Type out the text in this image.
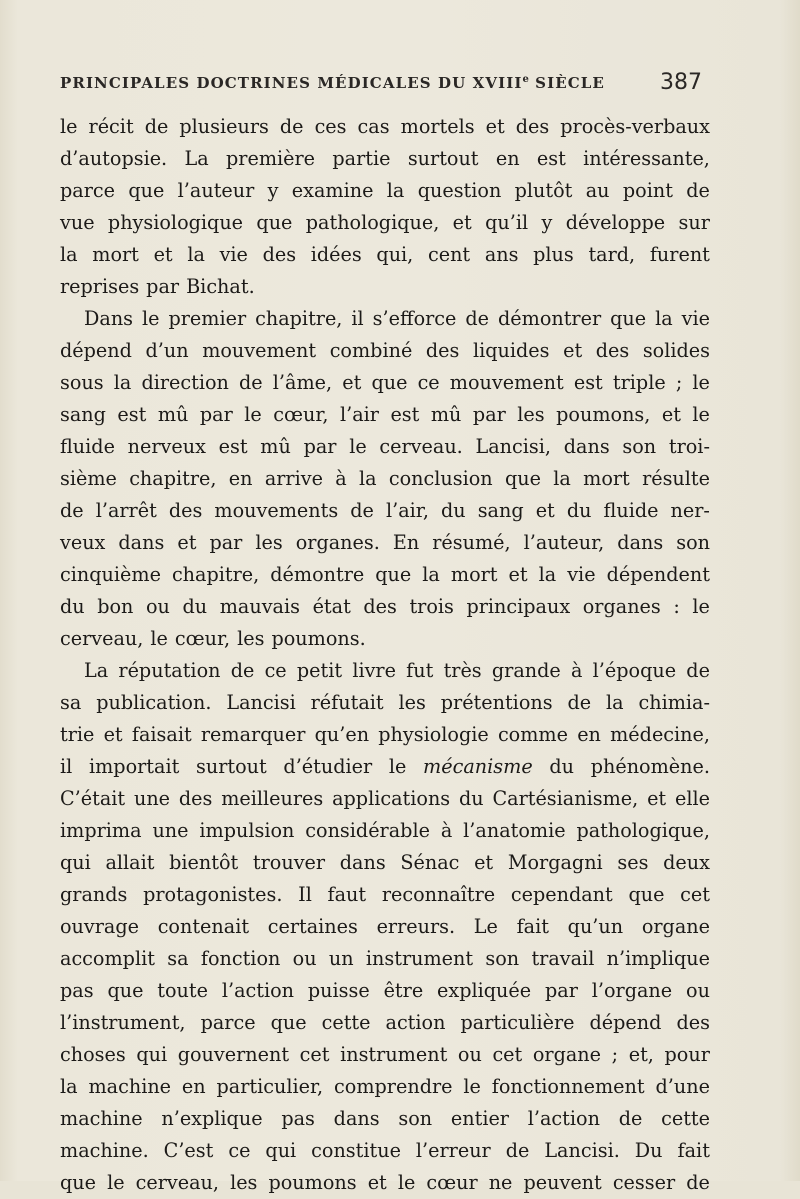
PRINCIPALES DOCTRINES MÉDICALES DU XVIIIe SIÈCLE	387
le récit de plusieurs de ces cas mortels et des procès-verbaux
d’autopsie. La première partie surtout en est intéressante,
parce que l’auteur y examine la question plutôt au point de
vue physiologique que pathologique, et qu’il y développe sur
la mort et la vie des idées qui, cent ans plus tard, furent
reprises par Bichat.
Dans le premier chapitre, il s’efforce de démontrer que la vie
dépend d’un mouvement combiné des liquides et des solides
sous la direction de l’âme, et que ce mouvement est triple ; le
sang est mû par le cœur, l’air est mû par les poumons, et le
fluide nerveux est mû par le cerveau. Lancisi, dans son troi-
sième chapitre, en arrive à la conclusion que la mort résulte
de l’arrêt des mouvements de l’air, du sang et du fluide ner-
veux dans et par les organes. En résumé, l’auteur, dans son
cinquième chapitre, démontre que la mort et la vie dépendent
du bon ou du mauvais état des trois principaux organes : le
cerveau, le cœur, les poumons.
La réputation de ce petit livre fut très grande à l’époque de
sa publication. Lancisi réfutait les prétentions de la chimia-
trie et faisait remarquer qu’en physiologie comme en médecine,
il importait surtout d’étudier le mécanisme du phénomène.
C’était une des meilleures applications du Cartésianisme, et elle
imprima une impulsion considérable à l’anatomie pathologique,
qui allait bientôt trouver dans Sénac et Morgagni ses deux
grands protagonistes. Il faut reconnaître cependant que cet
ouvrage contenait certaines erreurs. Le fait qu’un organe
accomplit sa fonction ou un instrument son travail n’implique
pas que toute l’action puisse être expliquée par l’organe ou
l’instrument, parce que cette action particulière dépend des
choses qui gouvernent cet instrument ou cet organe ; et, pour
la machine en particulier, comprendre le fonctionnement d’une
machine n’explique pas dans son entier l’action de cette
machine. C’est ce qui constitue l’erreur de Lancisi. Du fait
que le cerveau, les poumons et le cœur ne peuvent cesser de
